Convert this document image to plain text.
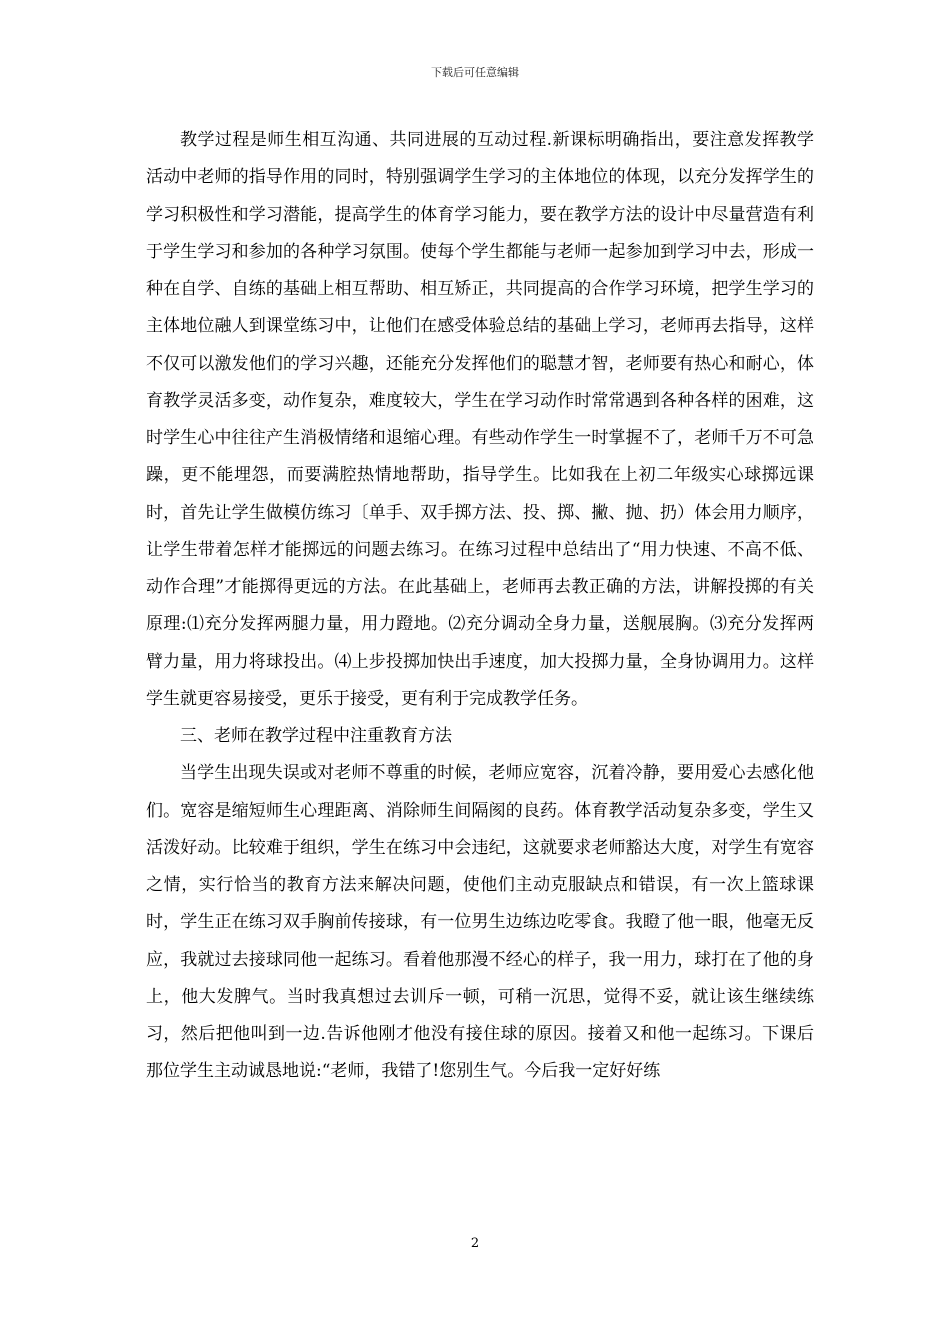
下载后可任意编辑

教学过程是师生相互沟通、共同进展的互动过程.新课标明确指出，要注意发挥教学活动中老师的指导作用的同时，特别强调学生学习的主体地位的体现，以充分发挥学生的学习积极性和学习潜能，提高学生的体育学习能力，要在教学方法的设计中尽量营造有利于学生学习和参加的各种学习氛围。使每个学生都能与老师一起参加到学习中去，形成一种在自学、自练的基础上相互帮助、相互矫正，共同提高的合作学习环境，把学生学习的主体地位融人到课堂练习中，让他们在感受体验总结的基础上学习，老师再去指导，这样不仅可以激发他们的学习兴趣，还能充分发挥他们的聪慧才智，老师要有热心和耐心，体育教学灵活多变，动作复杂，难度较大，学生在学习动作时常常遇到各种各样的困难，这时学生心中往往产生消极情绪和退缩心理。有些动作学生一时掌握不了，老师千万不可急躁，更不能埋怨，而要满腔热情地帮助，指导学生。比如我在上初二年级实心球掷远课时，首先让学生做模仿练习〔单手、双手掷方法、投、掷、撇、抛、扔）体会用力顺序，让学生带着怎样才能掷远的问题去练习。在练习过程中总结出了“用力快速、不高不低、动作合理”才能掷得更远的方法。在此基础上，老师再去教正确的方法，讲解投掷的有关原理:⑴充分发挥两腿力量，用力蹬地。⑵充分调动全身力量，送舰展胸。⑶充分发挥两臂力量，用力将球投出。⑷上步投掷加快出手速度，加大投掷力量，全身协调用力。这样学生就更容易接受，更乐于接受，更有利于完成教学任务。

三、老师在教学过程中注重教育方法

当学生出现失误或对老师不尊重的时候，老师应宽容，沉着冷静，要用爱心去感化他们。宽容是缩短师生心理距离、消除师生间隔阂的良药。体育教学活动复杂多变，学生又活泼好动。比较难于组织，学生在练习中会违纪，这就要求老师豁达大度，对学生有宽容之情，实行恰当的教育方法来解决问题，使他们主动克服缺点和错误，有一次上篮球课时，学生正在练习双手胸前传接球，有一位男生边练边吃零食。我瞪了他一眼，他毫无反应，我就过去接球同他一起练习。看着他那漫不经心的样子，我一用力，球打在了他的身上，他大发脾气。当时我真想过去训斥一顿，可稍一沉思，觉得不妥，就让该生继续练习，然后把他叫到一边.告诉他刚才他没有接住球的原因。接着又和他一起练习。下课后那位学生主动诚恳地说:“老师，我错了!您别生气。今后我一定好好练

2
